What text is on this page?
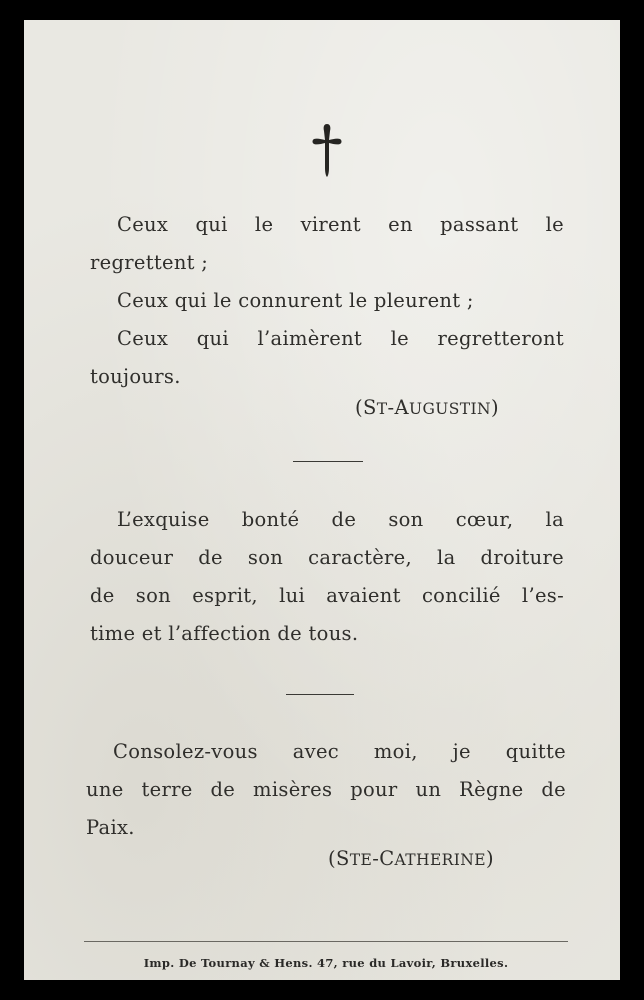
Ceux qui le virent en passant le
regrettent ;
Ceux qui le connurent le pleurent ;
Ceux qui l’aimèrent le regretteront
toujours.
(ST-AUGUSTIN)
L’exquise bonté de son cœur, la
douceur de son caractère, la droiture
de son esprit, lui avaient concilié l’es-
time et l’affection de tous.
Consolez-vous avec moi, je quitte
une terre de misères pour un Règne de
Paix.
(STE-CATHERINE)
Imp. De Tournay & Hens. 47, rue du Lavoir, Bruxelles.
